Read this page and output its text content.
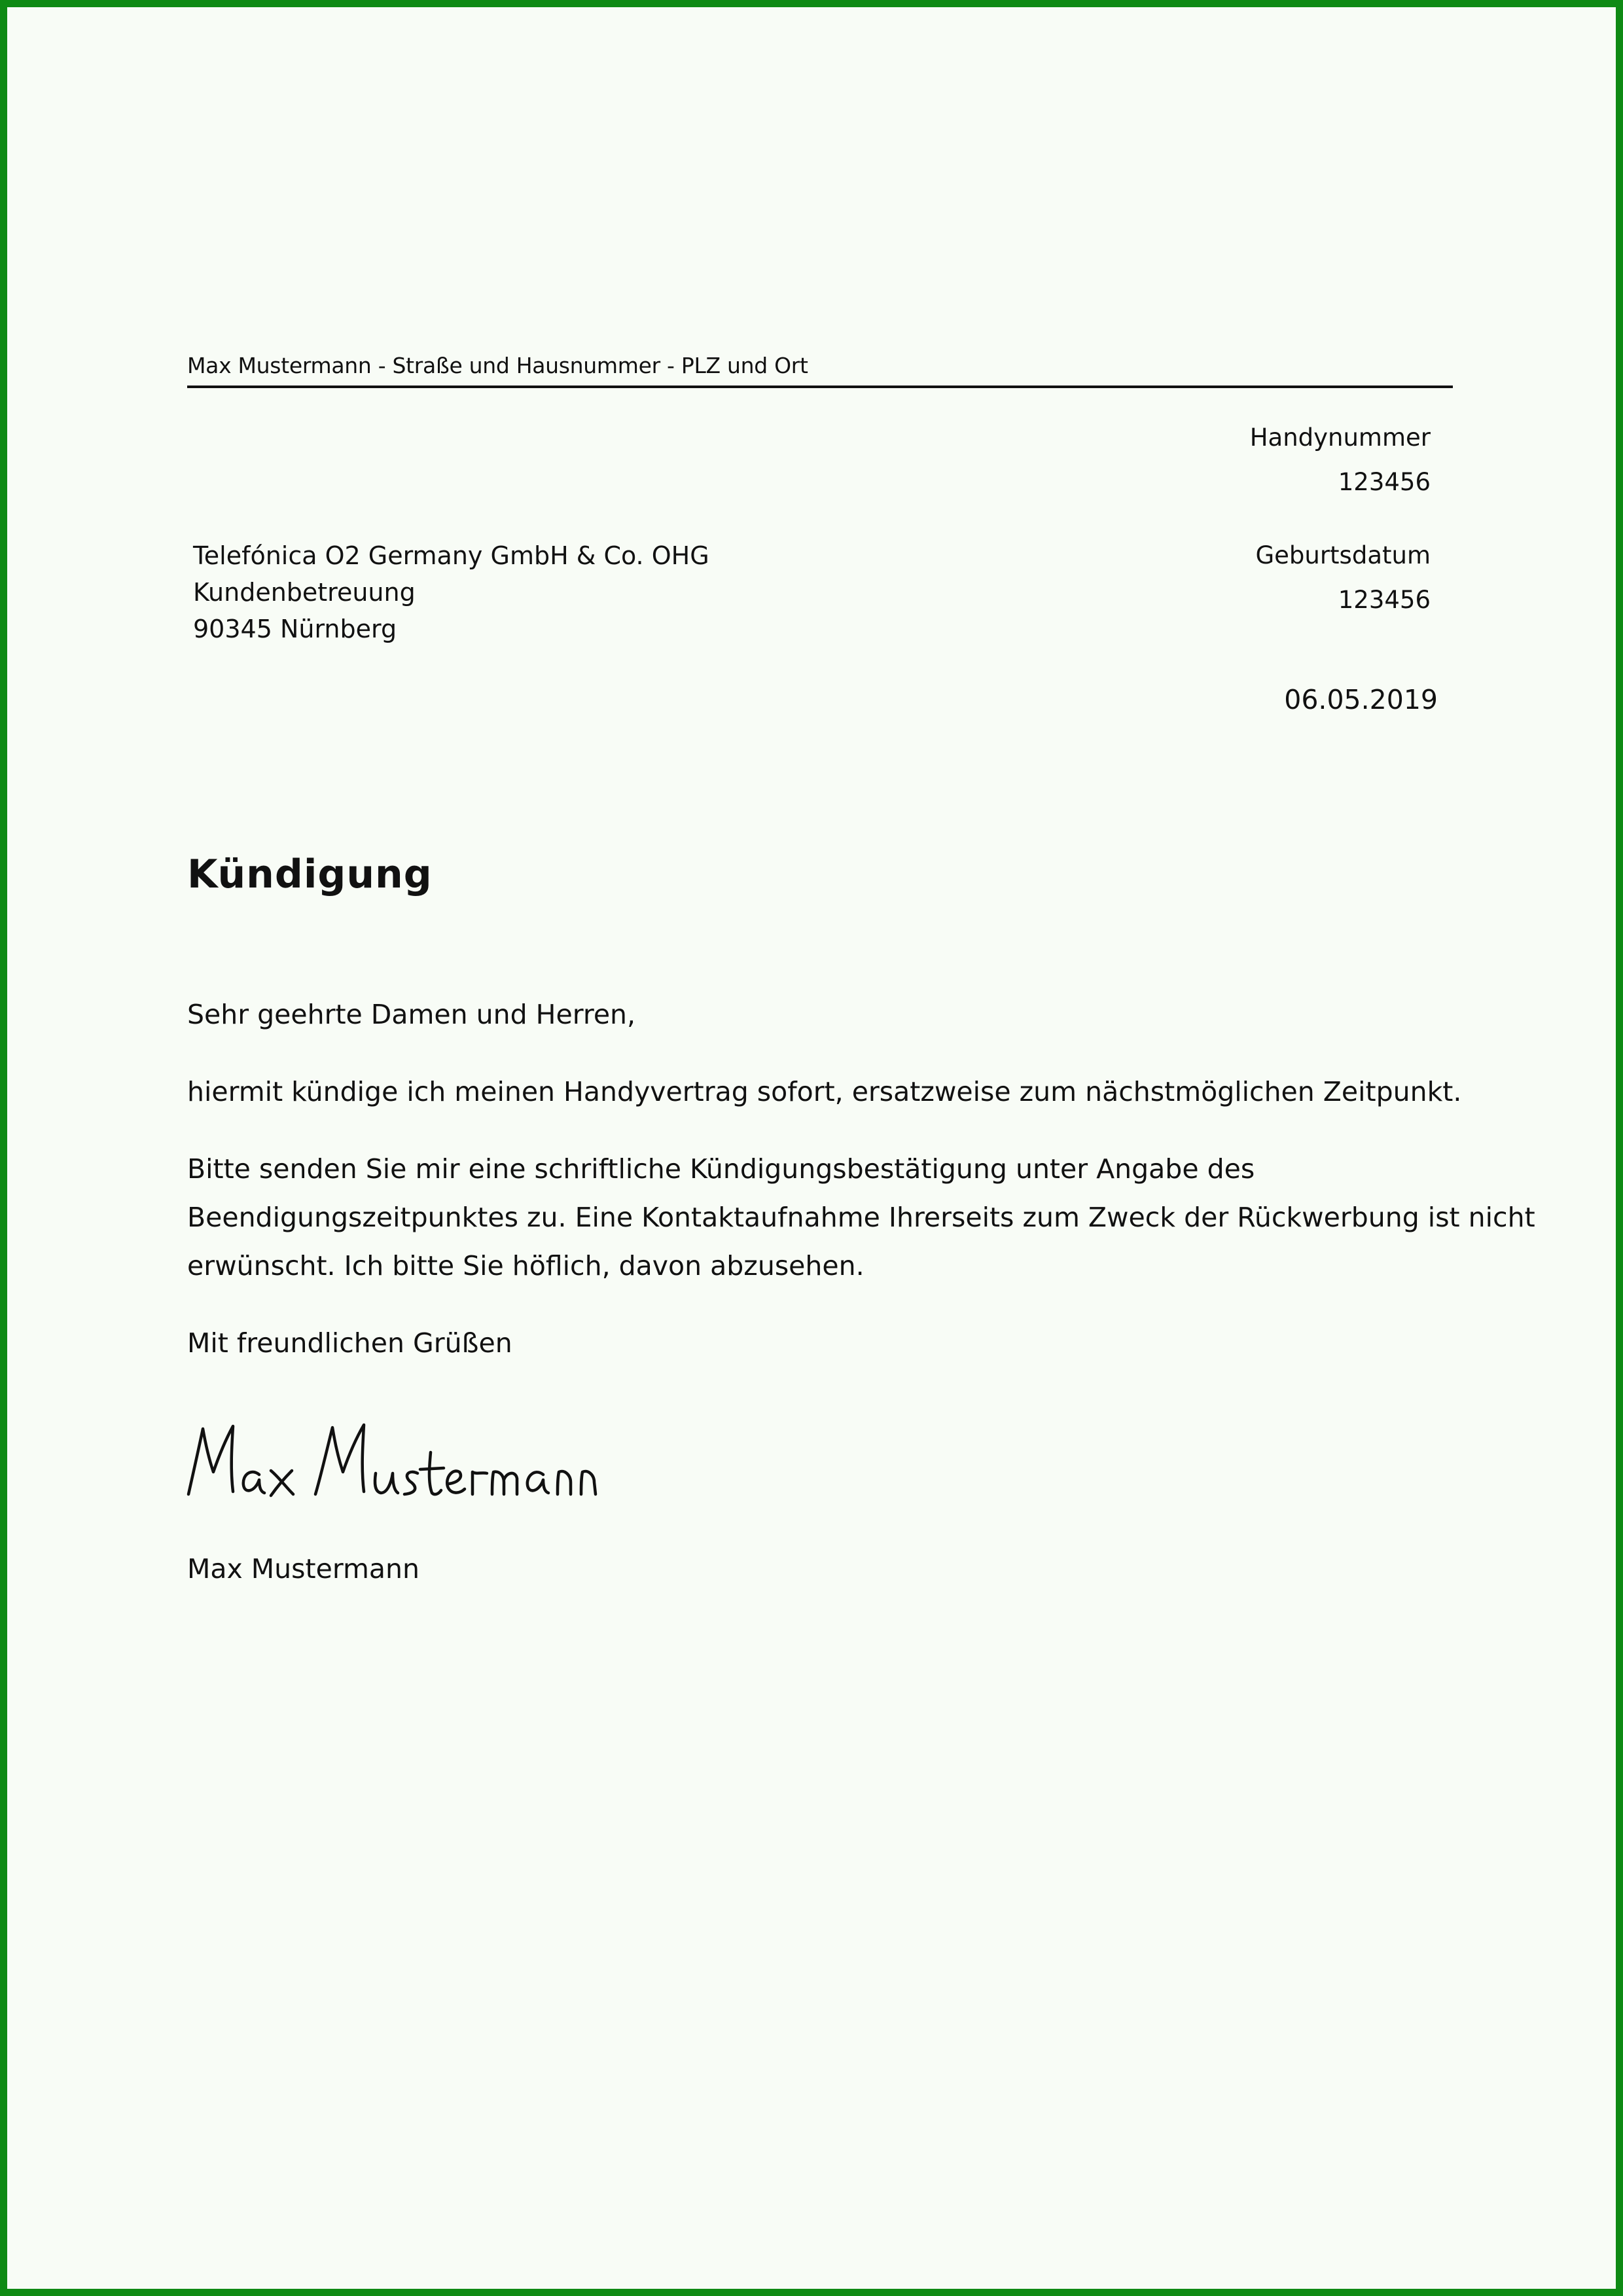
Max Mustermann - Straße und Hausnummer - PLZ und Ort
Handynummer
123456
Geburtsdatum
123456
Telefónica O2 Germany GmbH & Co. OHG
Kundenbetreuung
90345 Nürnberg
06.05.2019
Kündigung

Sehr geehrte Damen und Herren,

hiermit kündige ich meinen Handyvertrag sofort, ersatzweise zum nächstmöglichen Zeitpunkt.

Bitte senden Sie mir eine schriftliche Kündigungsbestätigung unter Angabe des

Beendigungszeitpunktes zu. Eine Kontaktaufnahme Ihrerseits zum Zweck der Rückwerbung ist nicht

erwünscht. Ich bitte Sie höflich, davon abzusehen.

Mit freundlichen Grüßen

Max Mustermann
